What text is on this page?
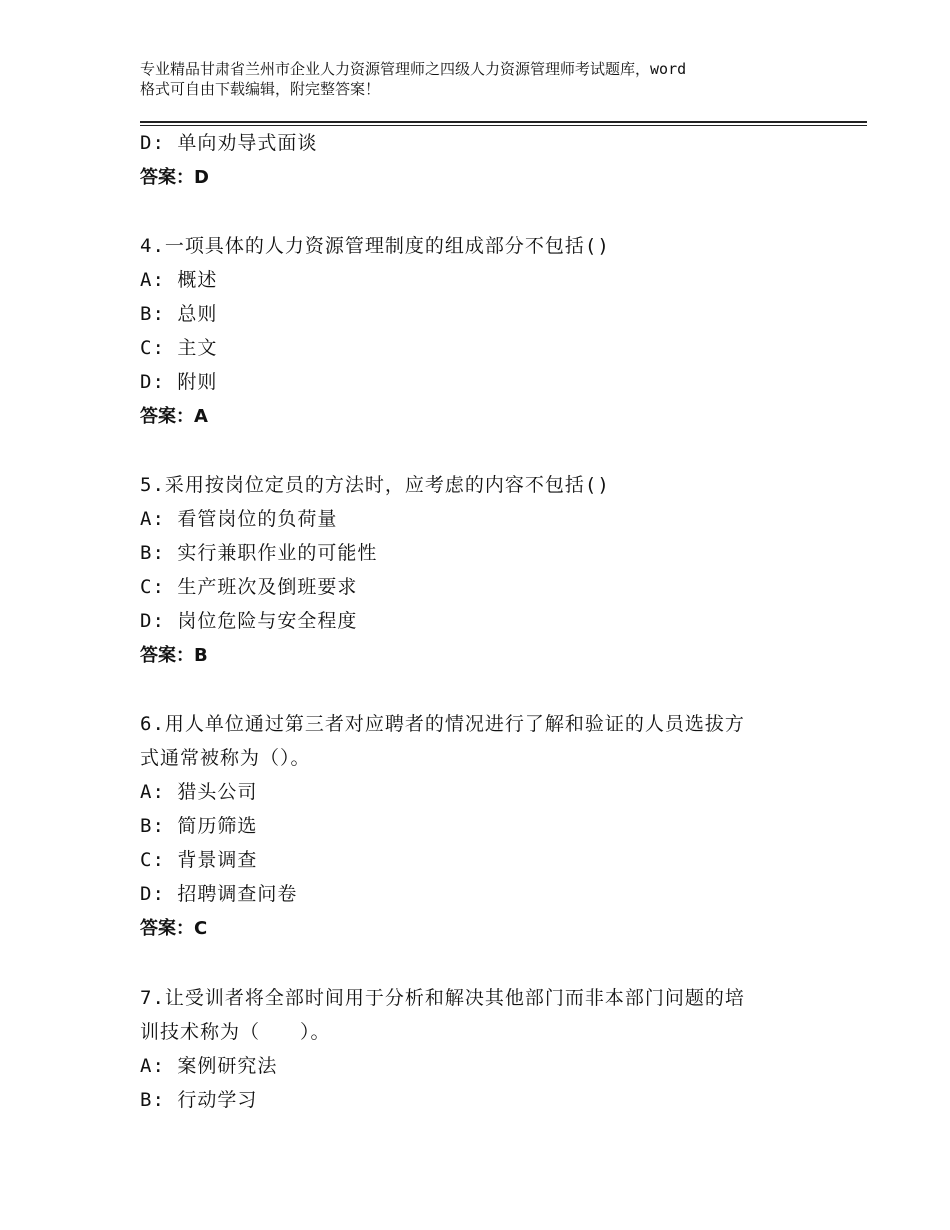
专业精品甘肃省兰州市企业人力资源管理师之四级人力资源管理师考试题库，word
格式可自由下载编辑，附完整答案！
D: 单向劝导式面谈
答案：D
4.一项具体的人力资源管理制度的组成部分不包括()
A: 概述
B: 总则
C: 主文
D: 附则
答案：A
5.采用按岗位定员的方法时，应考虑的内容不包括()
A: 看管岗位的负荷量
B: 实行兼职作业的可能性
C: 生产班次及倒班要求
D: 岗位危险与安全程度
答案：B
6.用人单位通过第三者对应聘者的情况进行了解和验证的人员选拔方
式通常被称为（）。
A: 猎头公司
B: 简历筛选
C: 背景调查
D: 招聘调查问卷
答案：C
7.让受训者将全部时间用于分析和解决其他部门而非本部门问题的培
训技术称为（　　）。
A: 案例研究法
B: 行动学习
